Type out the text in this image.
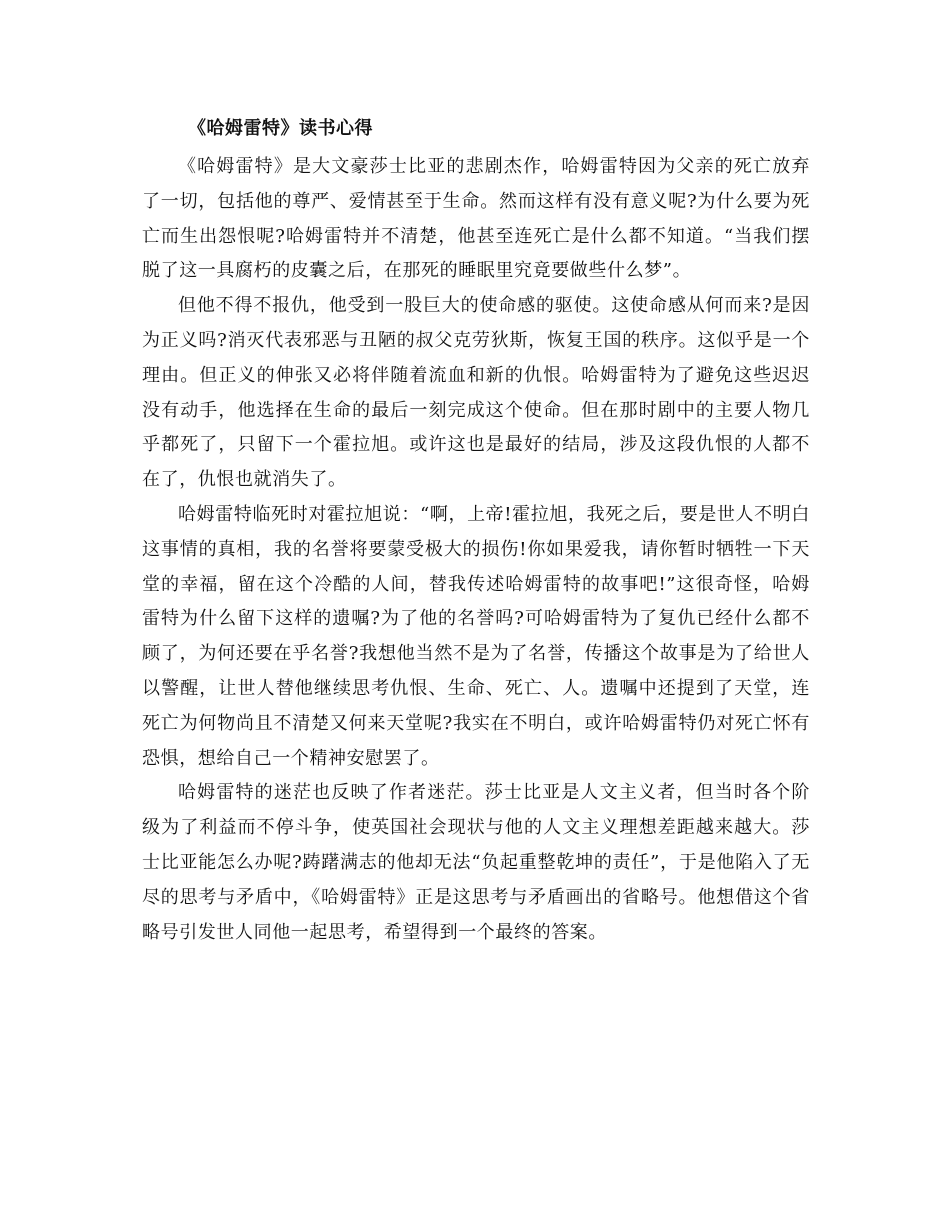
《哈姆雷特》读书心得

《哈姆雷特》是大文豪莎士比亚的悲剧杰作，哈姆雷特因为父亲的死亡放弃了一切，包括他的尊严、爱情甚至于生命。然而这样有没有意义呢?为什么要为死亡而生出怨恨呢?哈姆雷特并不清楚，他甚至连死亡是什么都不知道。“当我们摆脱了这一具腐朽的皮囊之后，在那死的睡眠里究竟要做些什么梦”。

但他不得不报仇，他受到一股巨大的使命感的驱使。这使命感从何而来?是因为正义吗?消灭代表邪恶与丑陋的叔父克劳狄斯，恢复王国的秩序。这似乎是一个理由。但正义的伸张又必将伴随着流血和新的仇恨。哈姆雷特为了避免这些迟迟没有动手，他选择在生命的最后一刻完成这个使命。但在那时剧中的主要人物几乎都死了，只留下一个霍拉旭。或许这也是最好的结局，涉及这段仇恨的人都不在了，仇恨也就消失了。

哈姆雷特临死时对霍拉旭说：“啊，上帝!霍拉旭，我死之后，要是世人不明白这事情的真相，我的名誉将要蒙受极大的损伤!你如果爱我，请你暂时牺牲一下天堂的幸福，留在这个冷酷的人间，替我传述哈姆雷特的故事吧!”这很奇怪，哈姆雷特为什么留下这样的遗嘱?为了他的名誉吗?可哈姆雷特为了复仇已经什么都不顾了，为何还要在乎名誉?我想他当然不是为了名誉，传播这个故事是为了给世人以警醒，让世人替他继续思考仇恨、生命、死亡、人。遗嘱中还提到了天堂，连死亡为何物尚且不清楚又何来天堂呢?我实在不明白，或许哈姆雷特仍对死亡怀有恐惧，想给自己一个精神安慰罢了。

哈姆雷特的迷茫也反映了作者迷茫。莎士比亚是人文主义者，但当时各个阶级为了利益而不停斗争，使英国社会现状与他的人文主义理想差距越来越大。莎士比亚能怎么办呢?踌躇满志的他却无法“负起重整乾坤的责任”，于是他陷入了无尽的思考与矛盾中，《哈姆雷特》正是这思考与矛盾画出的省略号。他想借这个省略号引发世人同他一起思考，希望得到一个最终的答案。
